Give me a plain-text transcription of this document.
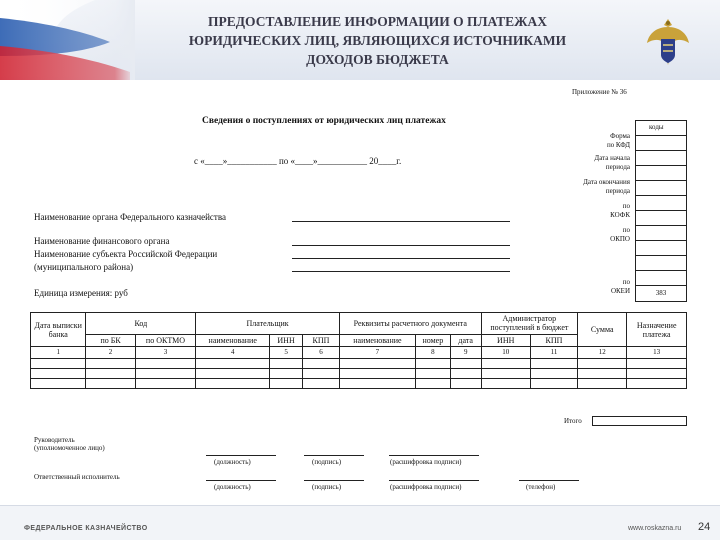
ПРЕДОСТАВЛЕНИЕ ИНФОРМАЦИИ О ПЛАТЕЖАХ
ЮРИДИЧЕСКИХ ЛИЦ, ЯВЛЯЮЩИХСЯ ИСТОЧНИКАМИ
ДОХОДОВ БЮДЖЕТА
Приложение № 36
Сведения о поступлениях от юридических лиц платежах
коды
Форма
по КФД
Дата начала
периода
Дата окончания
периода
по
КОФК
по
ОКПО
по
ОКЕИ	383
с «____»___________ по «____»___________ 20____г.
Наименование органа Федерального казначейства
Наименование финансового органа
Наименование субъекта Российской Федерации
(муниципального района)
Единица измерения: руб
Дата выписки банка	Код		Плательщик			Реквизиты расчетного документа			Администратор поступлений в бюджет		Сумма	Назначение платежа
	по БК	по ОКТМО	наименование	ИНН	КПП	наименование	номер	дата	ИНН	КПП		
1	2	3	4	5	6	7	8	9	10	11	12	13

Итого
Руководитель
(уполномоченное лицо)
(должность)	(подпись)	(расшифровка подписи)
Ответственный исполнитель
(должность)	(подпись)	(расшифровка подписи)	(телефон)
ФЕДЕРАЛЬНОЕ КАЗНАЧЕЙСТВО	www.roskazna.ru 24
